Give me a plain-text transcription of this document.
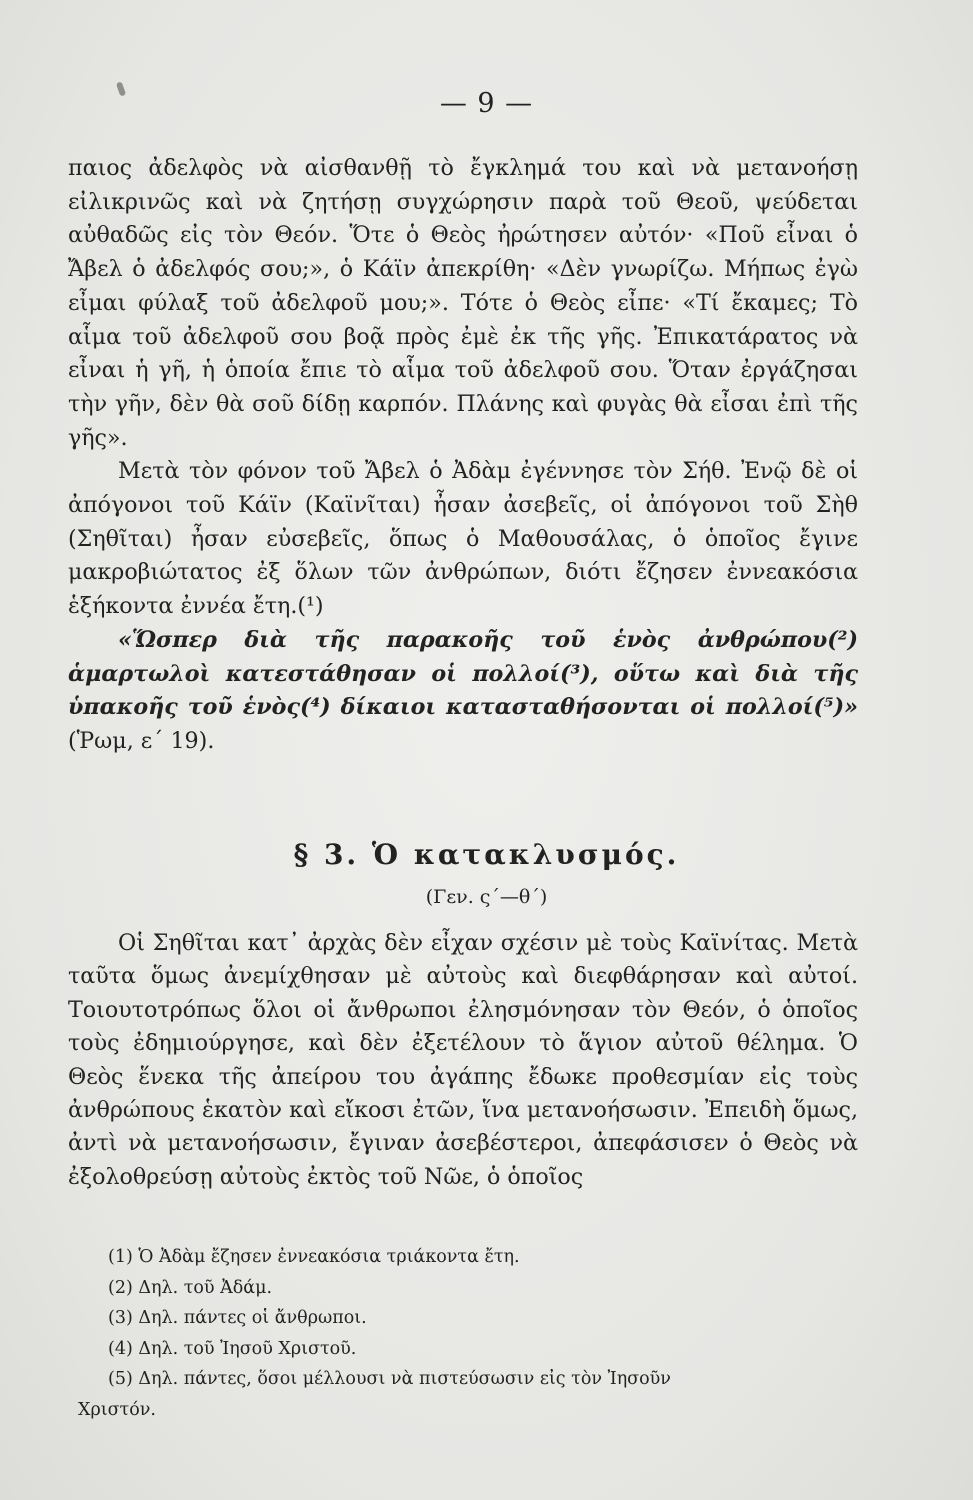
— 9 —

παιος ἀδελφὸς νὰ αἰσθανθῇ τὸ ἔγκλημά του καὶ νὰ μετανοήσῃ εἰλικρινῶς καὶ νὰ ζητήσῃ συγχώρησιν παρὰ τοῦ Θεοῦ, ψεύδεται αὐθαδῶς εἰς τὸν Θεόν. Ὅτε ὁ Θεὸς ἠρώτησεν αὐτόν· «Ποῦ εἶναι ὁ Ἄβελ ὁ ἀδελφός σου;», ὁ Κάϊν ἀπεκρίθη· «Δὲν γνωρίζω. Μήπως ἐγὼ εἶμαι φύλαξ τοῦ ἀδελφοῦ μου;». Τότε ὁ Θεὸς εἶπε· «Τί ἔκαμες; Τὸ αἷμα τοῦ ἀδελφοῦ σου βοᾷ πρὸς ἐμὲ ἐκ τῆς γῆς. Ἐπικατάρατος νὰ εἶναι ἡ γῆ, ἡ ὁποία ἔπιε τὸ αἷμα τοῦ ἀδελφοῦ σου. Ὅταν ἐργάζησαι τὴν γῆν, δὲν θὰ σοῦ δίδῃ καρπόν. Πλάνης καὶ φυγὰς θὰ εἶσαι ἐπὶ τῆς γῆς».

Μετὰ τὸν φόνον τοῦ Ἄβελ ὁ Ἀδὰμ ἐγέννησε τὸν Σήθ. Ἐνῷ δὲ οἱ ἀπόγονοι τοῦ Κάϊν (Καϊνῖται) ἦσαν ἀσεβεῖς, οἱ ἀπόγονοι τοῦ Σὴθ (Σηθῖται) ἦσαν εὐσεβεῖς, ὅπως ὁ Μαθουσάλας, ὁ ὁποῖος ἔγινε μακροβιώτατος ἐξ ὅλων τῶν ἀνθρώπων, διότι ἔζησεν ἐννεακόσια ἑξήκοντα ἐννέα ἔτη.(¹)

«Ὥσπερ διὰ τῆς παρακοῆς τοῦ ἑνὸς ἀνθρώπου(²) ἁμαρτωλοὶ κατεστάθησαν οἱ πολλοί(³), οὕτω καὶ διὰ τῆς ὑπακοῆς τοῦ ἑνὸς(⁴) δίκαιοι κατασταθήσονται οἱ πολλοί(⁵)» (Ῥωμ, ε΄ 19).

§ 3. Ὁ κατακλυσμός.
(Γεν. ς΄—θ΄)

Οἱ Σηθῖται κατ᾽ ἀρχὰς δὲν εἶχαν σχέσιν μὲ τοὺς Καϊνίτας. Μετὰ ταῦτα ὅμως ἀνεμίχθησαν μὲ αὐτοὺς καὶ διεφθάρησαν καὶ αὐτοί. Τοιουτοτρόπως ὅλοι οἱ ἄνθρωποι ἐλησμόνησαν τὸν Θεόν, ὁ ὁποῖος τοὺς ἐδημιούργησε, καὶ δὲν ἐξετέλουν τὸ ἅγιον αὐτοῦ θέλημα. Ὁ Θεὸς ἕνεκα τῆς ἀπείρου του ἀγάπης ἔδωκε προθεσμίαν εἰς τοὺς ἀνθρώπους ἑκατὸν καὶ εἴκοσι ἐτῶν, ἵνα μετανοήσωσιν. Ἐπειδὴ ὅμως, ἀντὶ νὰ μετανοήσωσιν, ἔγιναν ἀσεβέστεροι, ἀπεφάσισεν ὁ Θεὸς νὰ ἐξολοθρεύσῃ αὐτοὺς ἐκτὸς τοῦ Νῶε, ὁ ὁποῖος

(1) Ὁ Ἀδὰμ ἔζησεν ἐννεακόσια τριάκοντα ἔτη.

(2) Δηλ. τοῦ Ἀδάμ.

(3) Δηλ. πάντες οἱ ἄνθρωποι.

(4) Δηλ. τοῦ Ἰησοῦ Χριστοῦ.

(5) Δηλ. πάντες, ὅσοι μέλλουσι νὰ πιστεύσωσιν εἰς τὸν Ἰησοῦν

Χριστόν.
